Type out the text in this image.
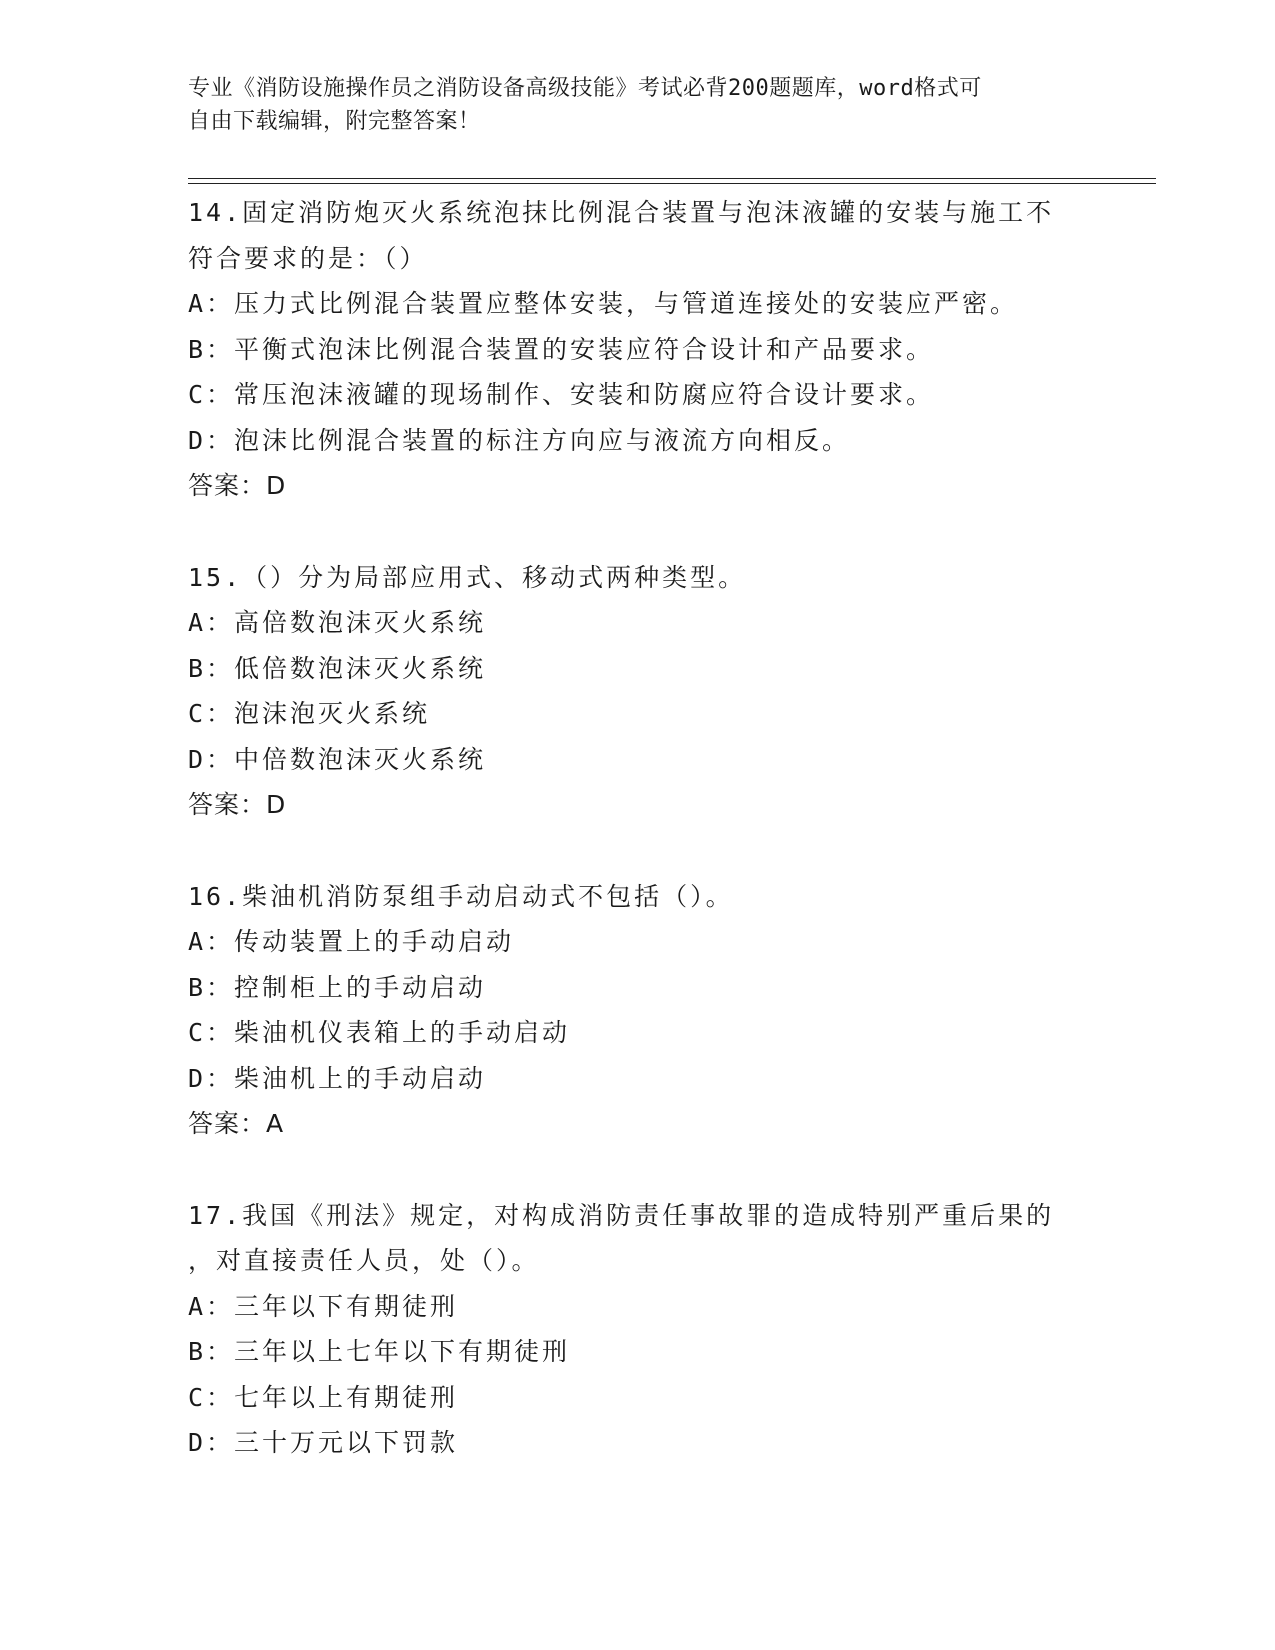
专业《消防设施操作员之消防设备高级技能》考试必背200题题库，word格式可
自由下载编辑，附完整答案！
14.固定消防炮灭火系统泡抹比例混合装置与泡沫液罐的安装与施工不
符合要求的是：（）
A：压力式比例混合装置应整体安装，与管道连接处的安装应严密。
B：平衡式泡沫比例混合装置的安装应符合设计和产品要求。
C：常压泡沫液罐的现场制作、安装和防腐应符合设计要求。
D：泡沫比例混合装置的标注方向应与液流方向相反。
答案：D
15.（）分为局部应用式、移动式两种类型。
A：高倍数泡沫灭火系统
B：低倍数泡沫灭火系统
C：泡沫泡灭火系统
D：中倍数泡沫灭火系统
答案：D
16.柴油机消防泵组手动启动式不包括（）。
A：传动装置上的手动启动
B：控制柜上的手动启动
C：柴油机仪表箱上的手动启动
D：柴油机上的手动启动
答案：A
17.我国《刑法》规定，对构成消防责任事故罪的造成特别严重后果的
，对直接责任人员，处（）。
A：三年以下有期徒刑
B：三年以上七年以下有期徒刑
C：七年以上有期徒刑
D：三十万元以下罚款
